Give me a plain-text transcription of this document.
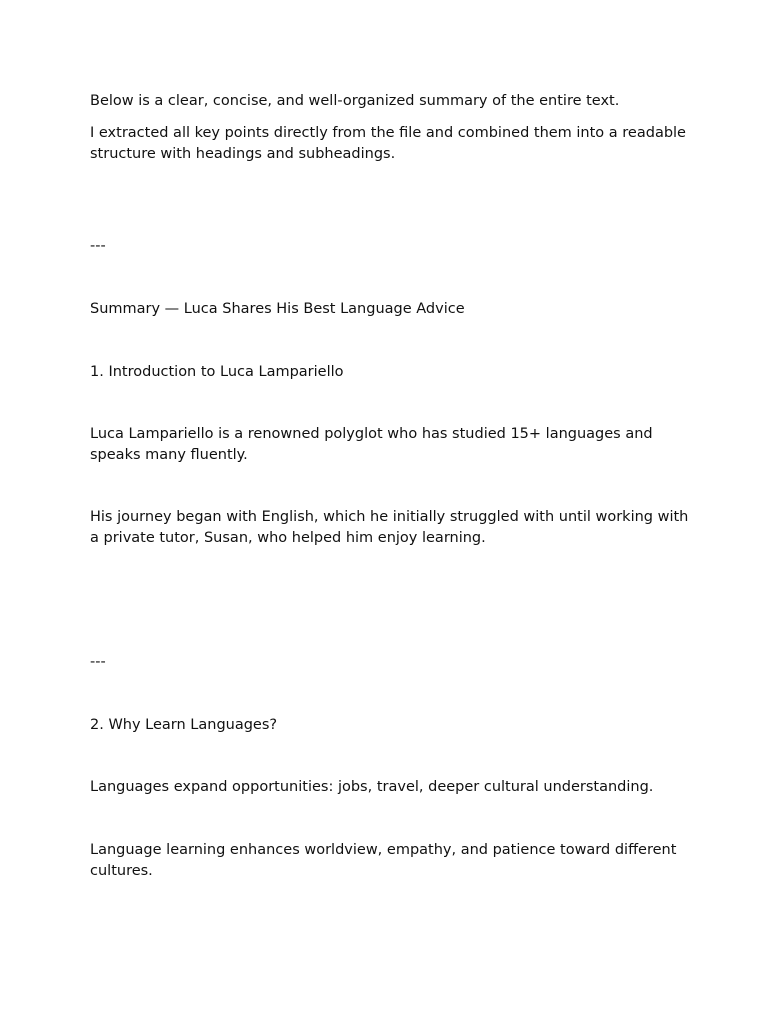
Below is a clear, concise, and well-organized summary of the entire text.
I extracted all key points directly from the file and combined them into a readable structure with headings and subheadings.
---
Summary — Luca Shares His Best Language Advice
1. Introduction to Luca Lampariello
Luca Lampariello is a renowned polyglot who has studied 15+ languages and speaks many fluently.
His journey began with English, which he initially struggled with until working with a private tutor, Susan, who helped him enjoy learning.
---
2. Why Learn Languages?
Languages expand opportunities: jobs, travel, deeper cultural understanding.
Language learning enhances worldview, empathy, and patience toward different cultures.
